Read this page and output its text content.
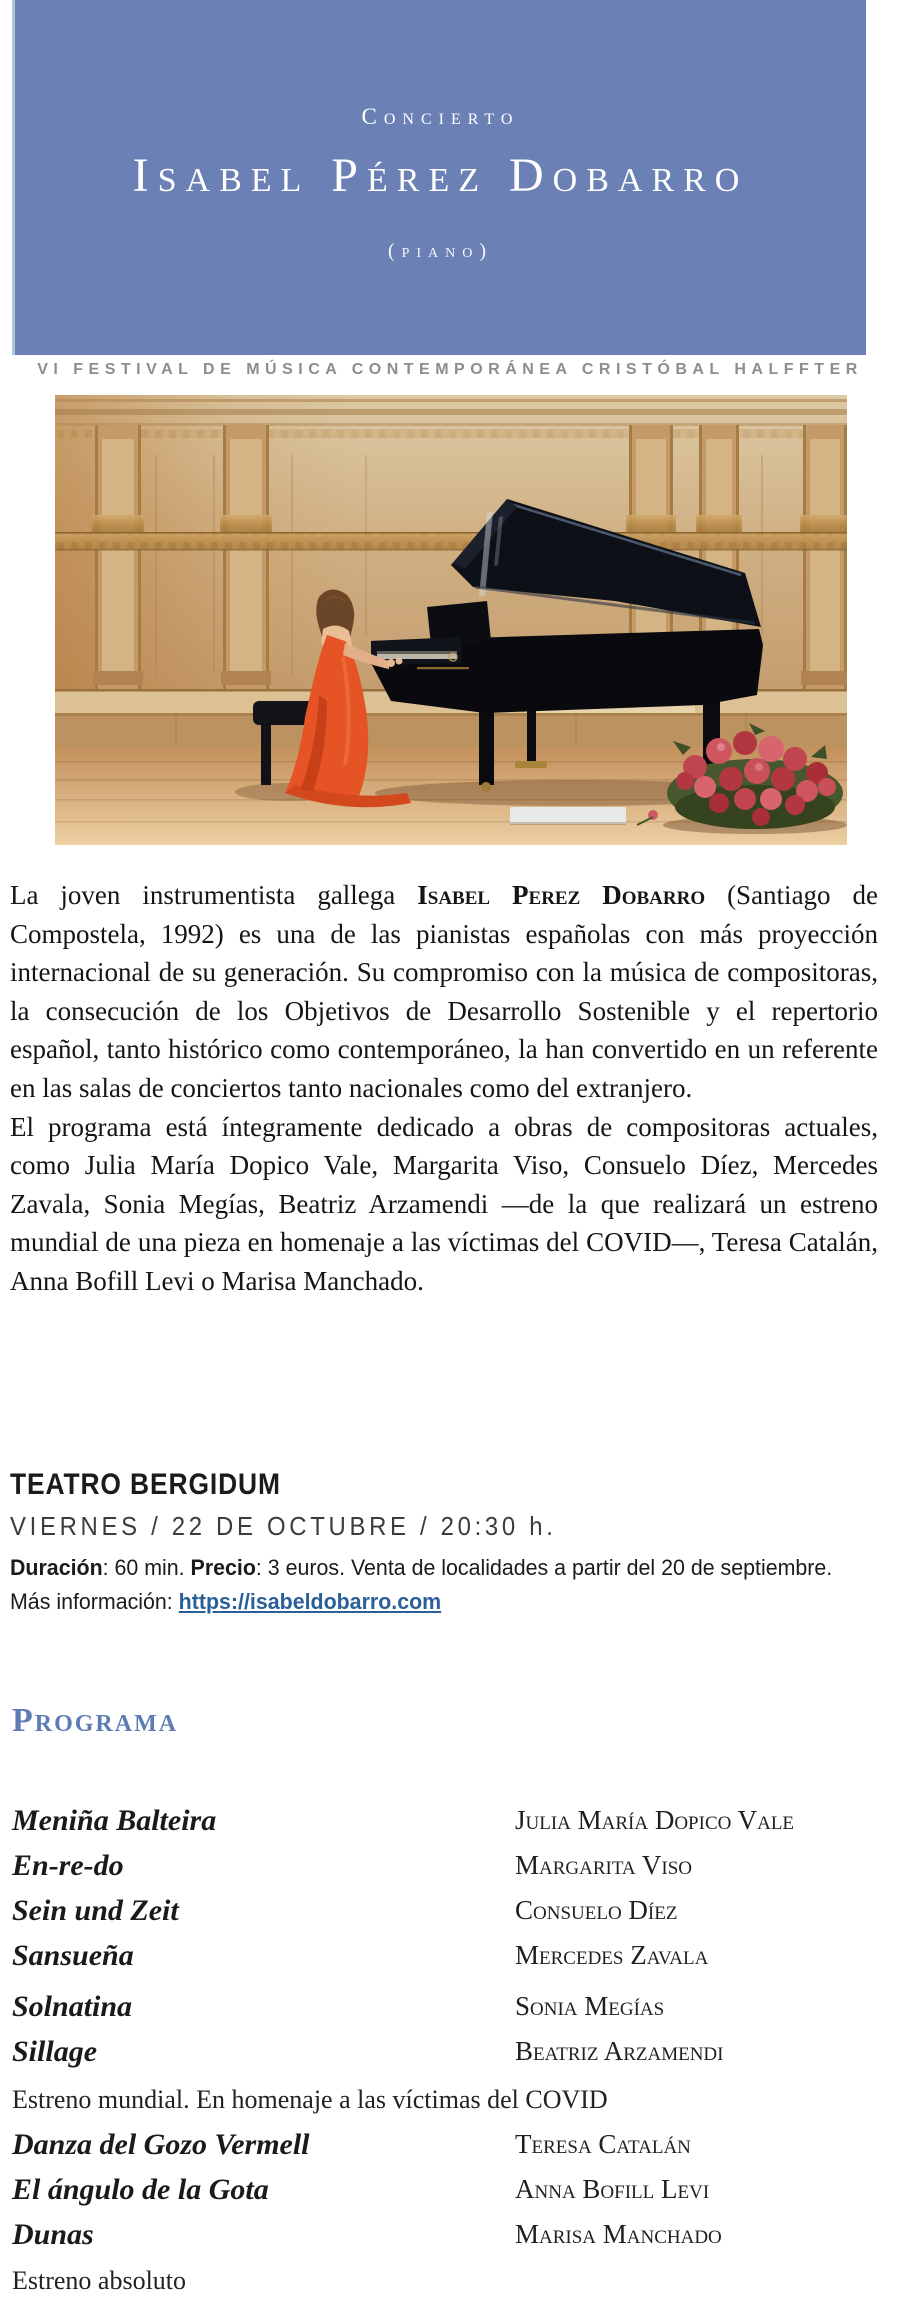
Concierto
Isabel Pérez Dobarro
(piano)
VI FESTIVAL DE MÚSICA CONTEMPORÁNEA CRISTÓBAL HALFFTER

La joven instrumentista gallega Isabel Perez Dobarro (Santiago de Compostela, 1992) es una de las pianistas españolas con más proyección internacional de su generación. Su compromiso con la música de compositoras, la consecución de los Objetivos de Desarrollo Sostenible y el repertorio español, tanto histórico como contemporáneo, la han convertido en un referente en las salas de conciertos tanto nacionales como del extranjero.

El programa está íntegramente dedicado a obras de compositoras actuales, como Julia María Dopico Vale, Margarita Viso, Consuelo Díez, Mercedes Zavala, Sonia Megías, Beatriz Arzamendi —de la que realizará un estreno mundial de una pieza en homenaje a las víctimas del COVID—, Teresa Catalán, Anna Bofill Levi o Marisa Manchado.

TEATRO BERGIDUM
VIERNES / 22 DE OCTUBRE / 20:30 h.
Duración: 60 min. Precio: 3 euros. Venta de localidades a partir del 20 de septiembre.
Más información: https://isabeldobarro.com
Programa
Meniña Balteira	Julia María Dopico Vale
En-re-do	Margarita Viso
Sein und Zeit	Consuelo Díez
Sansueña	Mercedes Zavala
Solnatina	Sonia Megías
Sillage	Beatriz Arzamendi
Estreno mundial. En homenaje a las víctimas del COVID
Danza del Gozo Vermell	Teresa Catalán
El ángulo de la Gota	Anna Bofill Levi
Dunas	Marisa Manchado
Estreno absoluto
